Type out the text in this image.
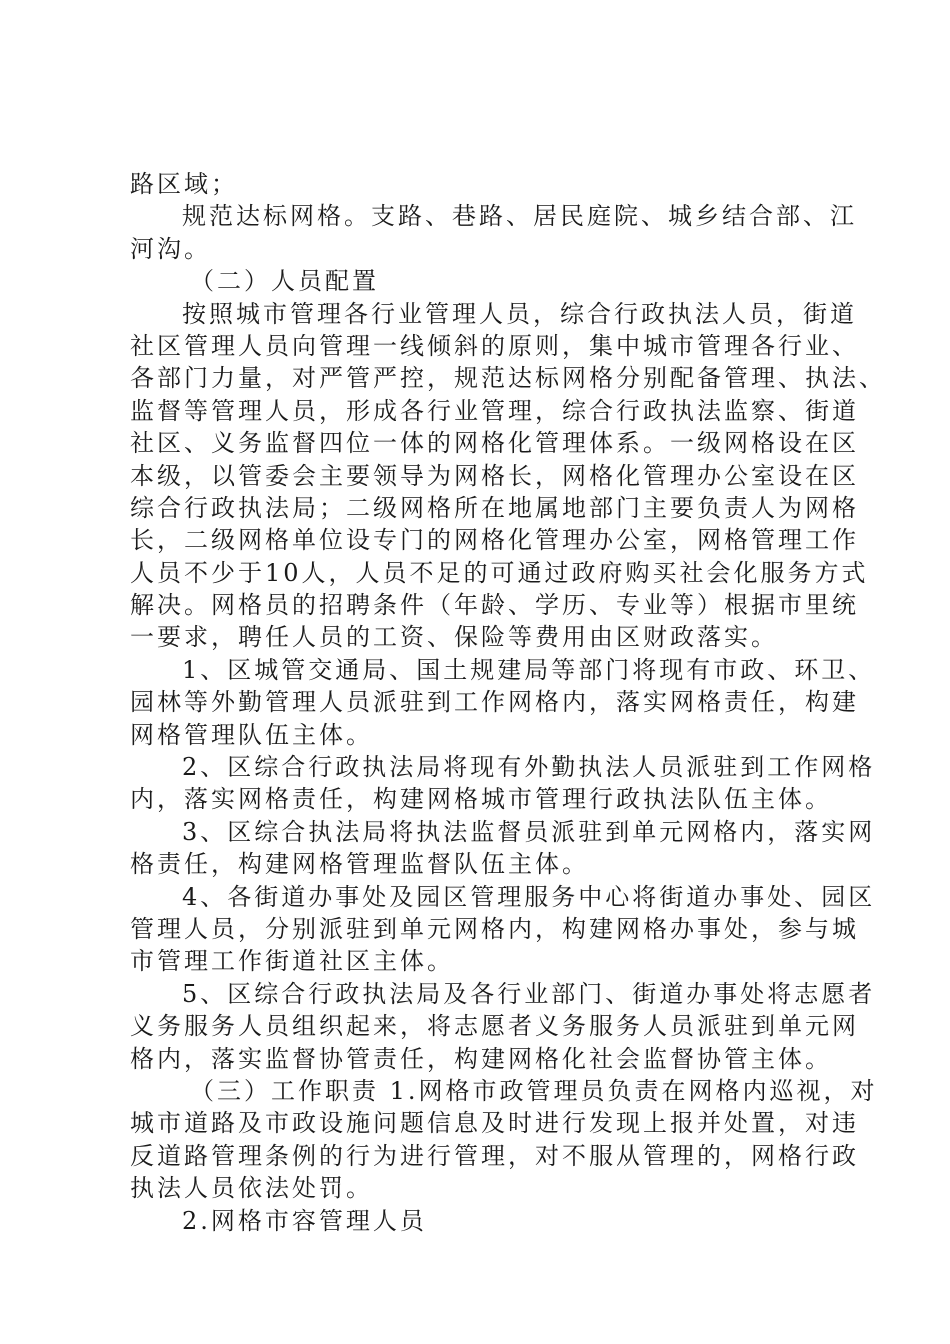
路区域；
规范达标网格。支路、巷路、居民庭院、城乡结合部、江
河沟。
（二）人员配置
按照城市管理各行业管理人员，综合行政执法人员，街道
社区管理人员向管理一线倾斜的原则，集中城市管理各行业、
各部门力量，对严管严控，规范达标网格分别配备管理、执法、
监督等管理人员，形成各行业管理，综合行政执法监察、街道
社区、义务监督四位一体的网格化管理体系。一级网格设在区
本级，以管委会主要领导为网格长，网格化管理办公室设在区
综合行政执法局；二级网格所在地属地部门主要负责人为网格
长，二级网格单位设专门的网格化管理办公室，网格管理工作
人员不少于10人，人员不足的可通过政府购买社会化服务方式
解决。网格员的招聘条件（年龄、学历、专业等）根据市里统
一要求，聘任人员的工资、保险等费用由区财政落实。
1、区城管交通局、国土规建局等部门将现有市政、环卫、
园林等外勤管理人员派驻到工作网格内，落实网格责任，构建
网格管理队伍主体。
2、区综合行政执法局将现有外勤执法人员派驻到工作网格
内，落实网格责任，构建网格城市管理行政执法队伍主体。
3、区综合执法局将执法监督员派驻到单元网格内，落实网
格责任，构建网格管理监督队伍主体。
4、各街道办事处及园区管理服务中心将街道办事处、园区
管理人员，分别派驻到单元网格内，构建网格办事处，参与城
市管理工作街道社区主体。
5、区综合行政执法局及各行业部门、街道办事处将志愿者
义务服务人员组织起来，将志愿者义务服务人员派驻到单元网
格内，落实监督协管责任，构建网格化社会监督协管主体。
（三）工作职责 1.网格市政管理员负责在网格内巡视，对
城市道路及市政设施问题信息及时进行发现上报并处置，对违
反道路管理条例的行为进行管理，对不服从管理的，网格行政
执法人员依法处罚。
2.网格市容管理人员
